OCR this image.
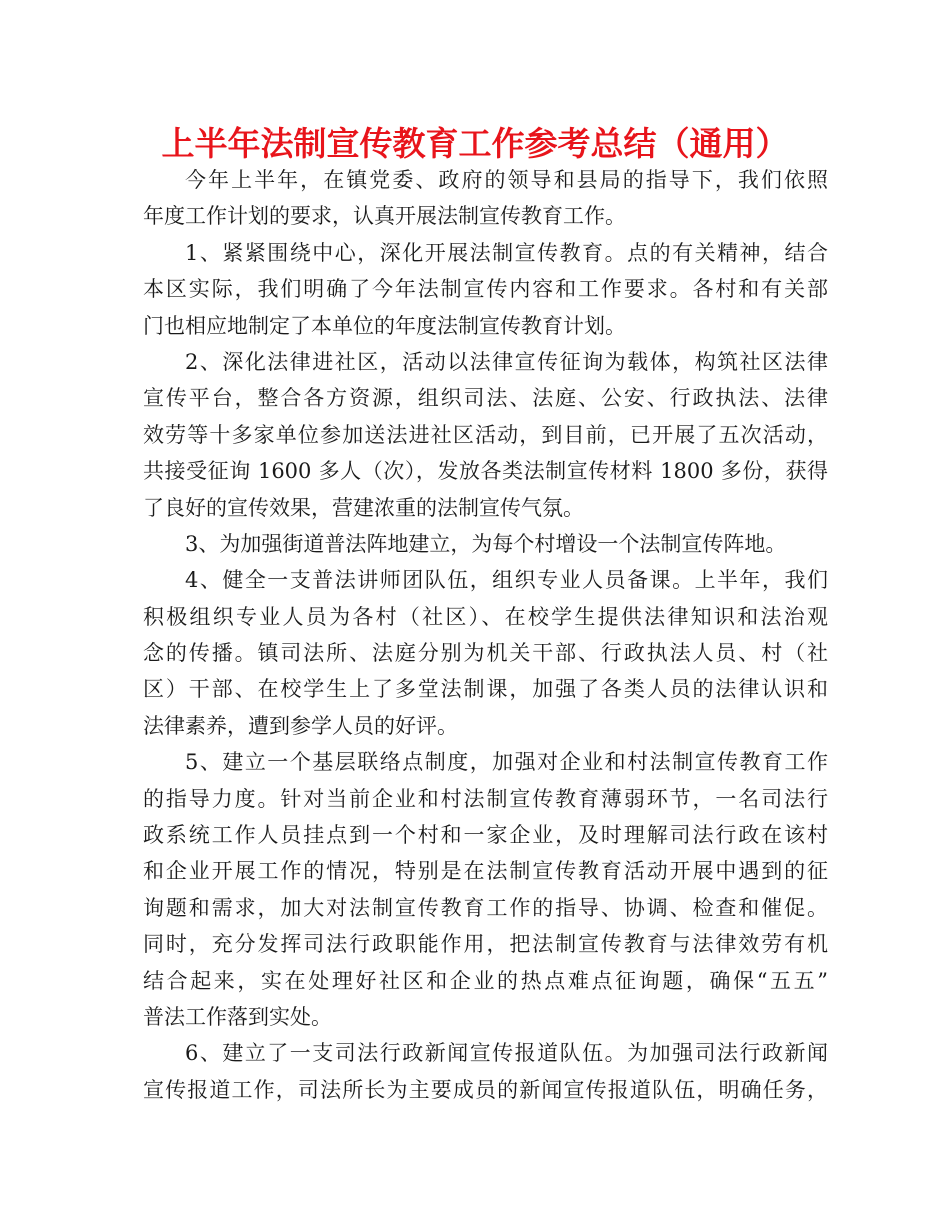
上半年法制宣传教育工作参考总结（通用）
今年上半年，在镇党委、政府的领导和县局的指导下，我们依照
年度工作计划的要求，认真开展法制宣传教育工作。
1、紧紧围绕中心，深化开展法制宣传教育。点的有关精神，结合
本区实际，我们明确了今年法制宣传内容和工作要求。各村和有关部
门也相应地制定了本单位的年度法制宣传教育计划。
2、深化法律进社区，活动以法律宣传征询为载体，构筑社区法律
宣传平台，整合各方资源，组织司法、法庭、公安、行政执法、法律
效劳等十多家单位参加送法进社区活动，到目前，已开展了五次活动，
共接受征询 1600 多人（次），发放各类法制宣传材料 1800 多份，获得
了良好的宣传效果，营建浓重的法制宣传气氛。
3、为加强街道普法阵地建立，为每个村增设一个法制宣传阵地。
4、健全一支普法讲师团队伍，组织专业人员备课。上半年，我们
积极组织专业人员为各村（社区）、在校学生提供法律知识和法治观
念的传播。镇司法所、法庭分别为机关干部、行政执法人员、村（社
区）干部、在校学生上了多堂法制课，加强了各类人员的法律认识和
法律素养，遭到参学人员的好评。
5、建立一个基层联络点制度，加强对企业和村法制宣传教育工作
的指导力度。针对当前企业和村法制宣传教育薄弱环节，一名司法行
政系统工作人员挂点到一个村和一家企业，及时理解司法行政在该村
和企业开展工作的情况，特别是在法制宣传教育活动开展中遇到的征
询题和需求，加大对法制宣传教育工作的指导、协调、检查和催促。
同时，充分发挥司法行政职能作用，把法制宣传教育与法律效劳有机
结合起来，实在处理好社区和企业的热点难点征询题，确保“五五”
普法工作落到实处。
6、建立了一支司法行政新闻宣传报道队伍。为加强司法行政新闻
宣传报道工作，司法所长为主要成员的新闻宣传报道队伍，明确任务，
